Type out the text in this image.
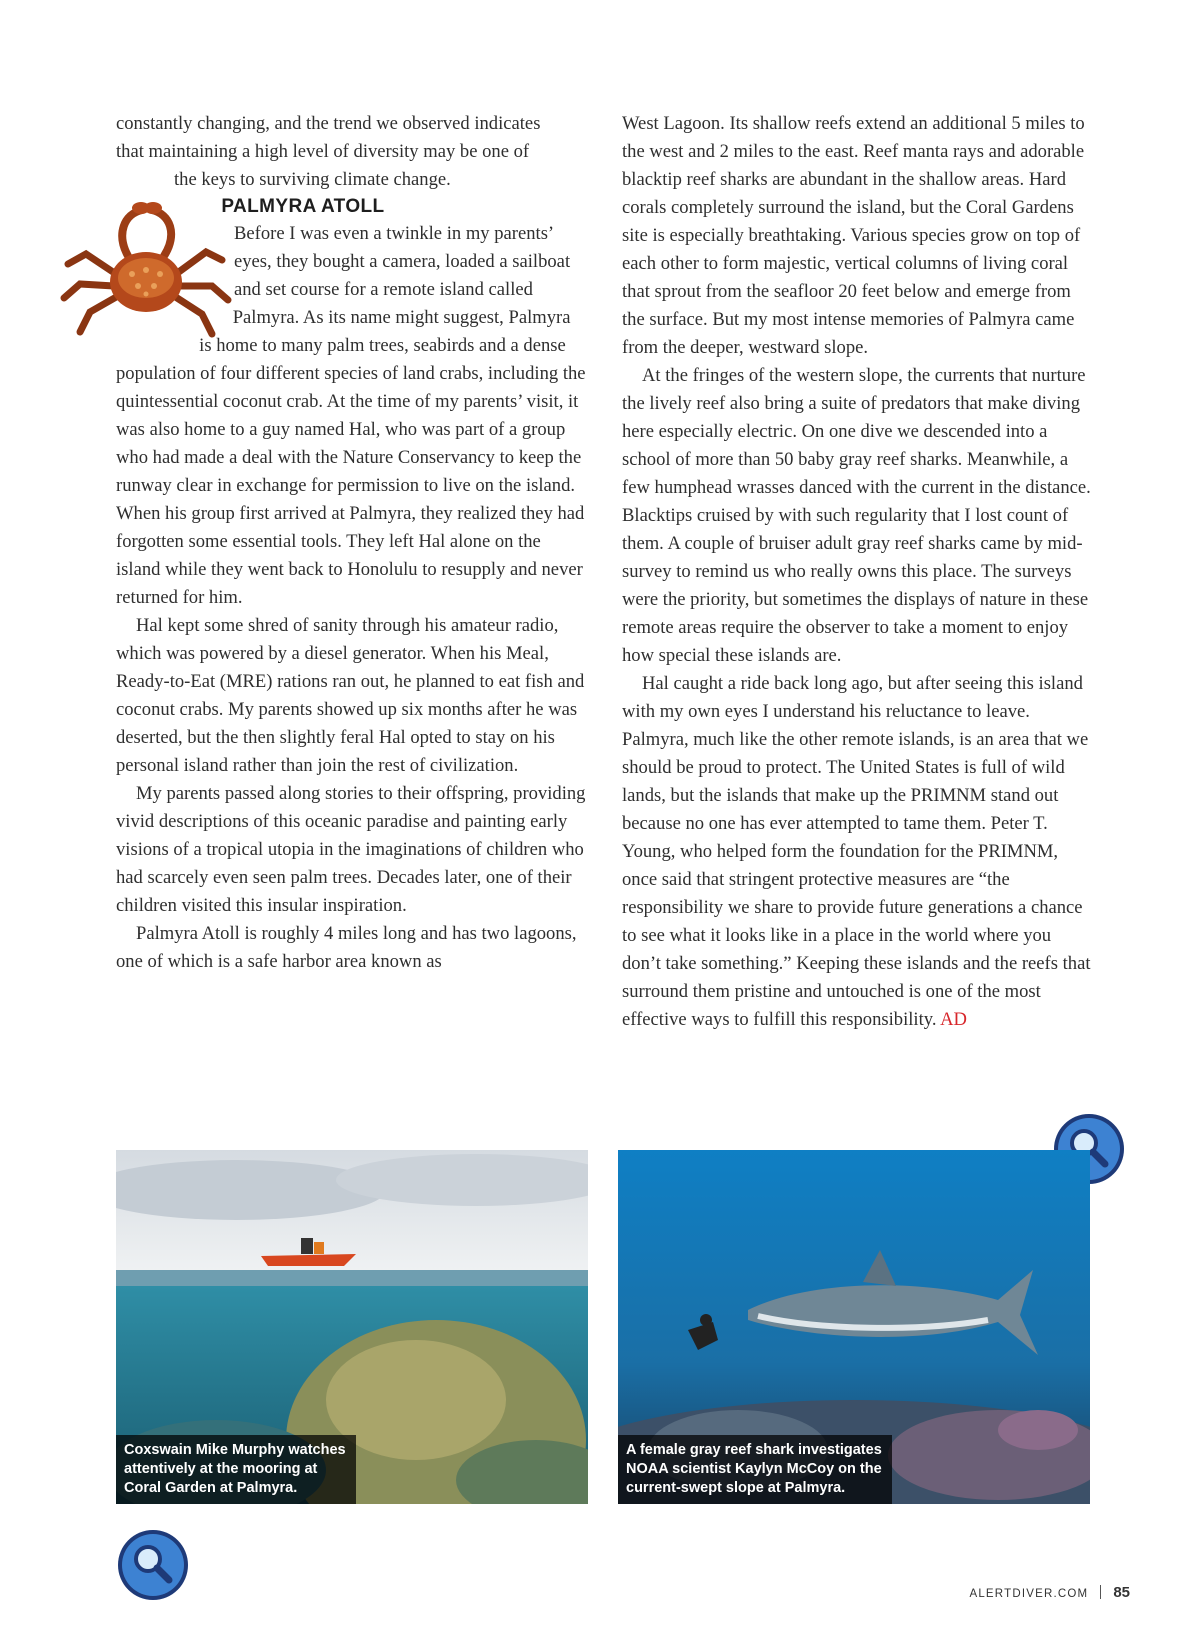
constantly changing, and the trend we observed indicates
that maintaining a high level of diversity may be one of
the keys to surviving climate change.

PALMYRA ATOLL

Before I was even a twinkle in my parents’ eyes, they bought a camera, loaded a sailboat and set course for a remote island called Palmyra. As its name might suggest, Palmyra is home to many palm trees, seabirds and a dense population of four different species of land crabs, including the quintessential coconut crab. At the time of my parents’ visit, it was also home to a guy named Hal, who was part of a group who had made a deal with the Nature Conservancy to keep the runway clear in exchange for permission to live on the island. When his group first arrived at Palmyra, they realized they had forgotten some essential tools. They left Hal alone on the island while they went back to Honolulu to resupply and never returned for him.

Hal kept some shred of sanity through his amateur radio, which was powered by a diesel generator. When his Meal, Ready-to-Eat (MRE) rations ran out, he planned to eat fish and coconut crabs. My parents showed up six months after he was deserted, but the then slightly feral Hal opted to stay on his personal island rather than join the rest of civilization.

My parents passed along stories to their offspring, providing vivid descriptions of this oceanic paradise and painting early visions of a tropical utopia in the imaginations of children who had scarcely even seen palm trees. Decades later, one of their children visited this insular inspiration.

Palmyra Atoll is roughly 4 miles long and has two lagoons, one of which is a safe harbor area known as

West Lagoon. Its shallow reefs extend an additional 5 miles to the west and 2 miles to the east. Reef manta rays and adorable blacktip reef sharks are abundant in the shallow areas. Hard corals completely surround the island, but the Coral Gardens site is especially breathtaking. Various species grow on top of each other to form majestic, vertical columns of living coral that sprout from the seafloor 20 feet below and emerge from the surface. But my most intense memories of Palmyra came from the deeper, westward slope.

At the fringes of the western slope, the currents that nurture the lively reef also bring a suite of predators that make diving here especially electric. On one dive we descended into a school of more than 50 baby gray reef sharks. Meanwhile, a few humphead wrasses danced with the current in the distance. Blacktips cruised by with such regularity that I lost count of them. A couple of bruiser adult gray reef sharks came by mid-survey to remind us who really owns this place. The surveys were the priority, but sometimes the displays of nature in these remote areas require the observer to take a moment to enjoy how special these islands are.

Hal caught a ride back long ago, but after seeing this island with my own eyes I understand his reluctance to leave. Palmyra, much like the other remote islands, is an area that we should be proud to protect. The United States is full of wild lands, but the islands that make up the PRIMNM stand out because no one has ever attempted to tame them. Peter T. Young, who helped form the foundation for the PRIMNM, once said that stringent protective measures are “the responsibility we share to provide future generations a chance to see what it looks like in a place in the world where you don’t take something.” Keeping these islands and the reefs that surround them pristine and untouched is one of the most effective ways to fulfill this responsibility. AD

Coxswain Mike Murphy watches
attentively at the mooring at
Coral Garden at Palmyra.
A female gray reef shark investigates
NOAA scientist Kaylyn McCoy on the
current-swept slope at Palmyra.
ALERTDIVER.COM 85
